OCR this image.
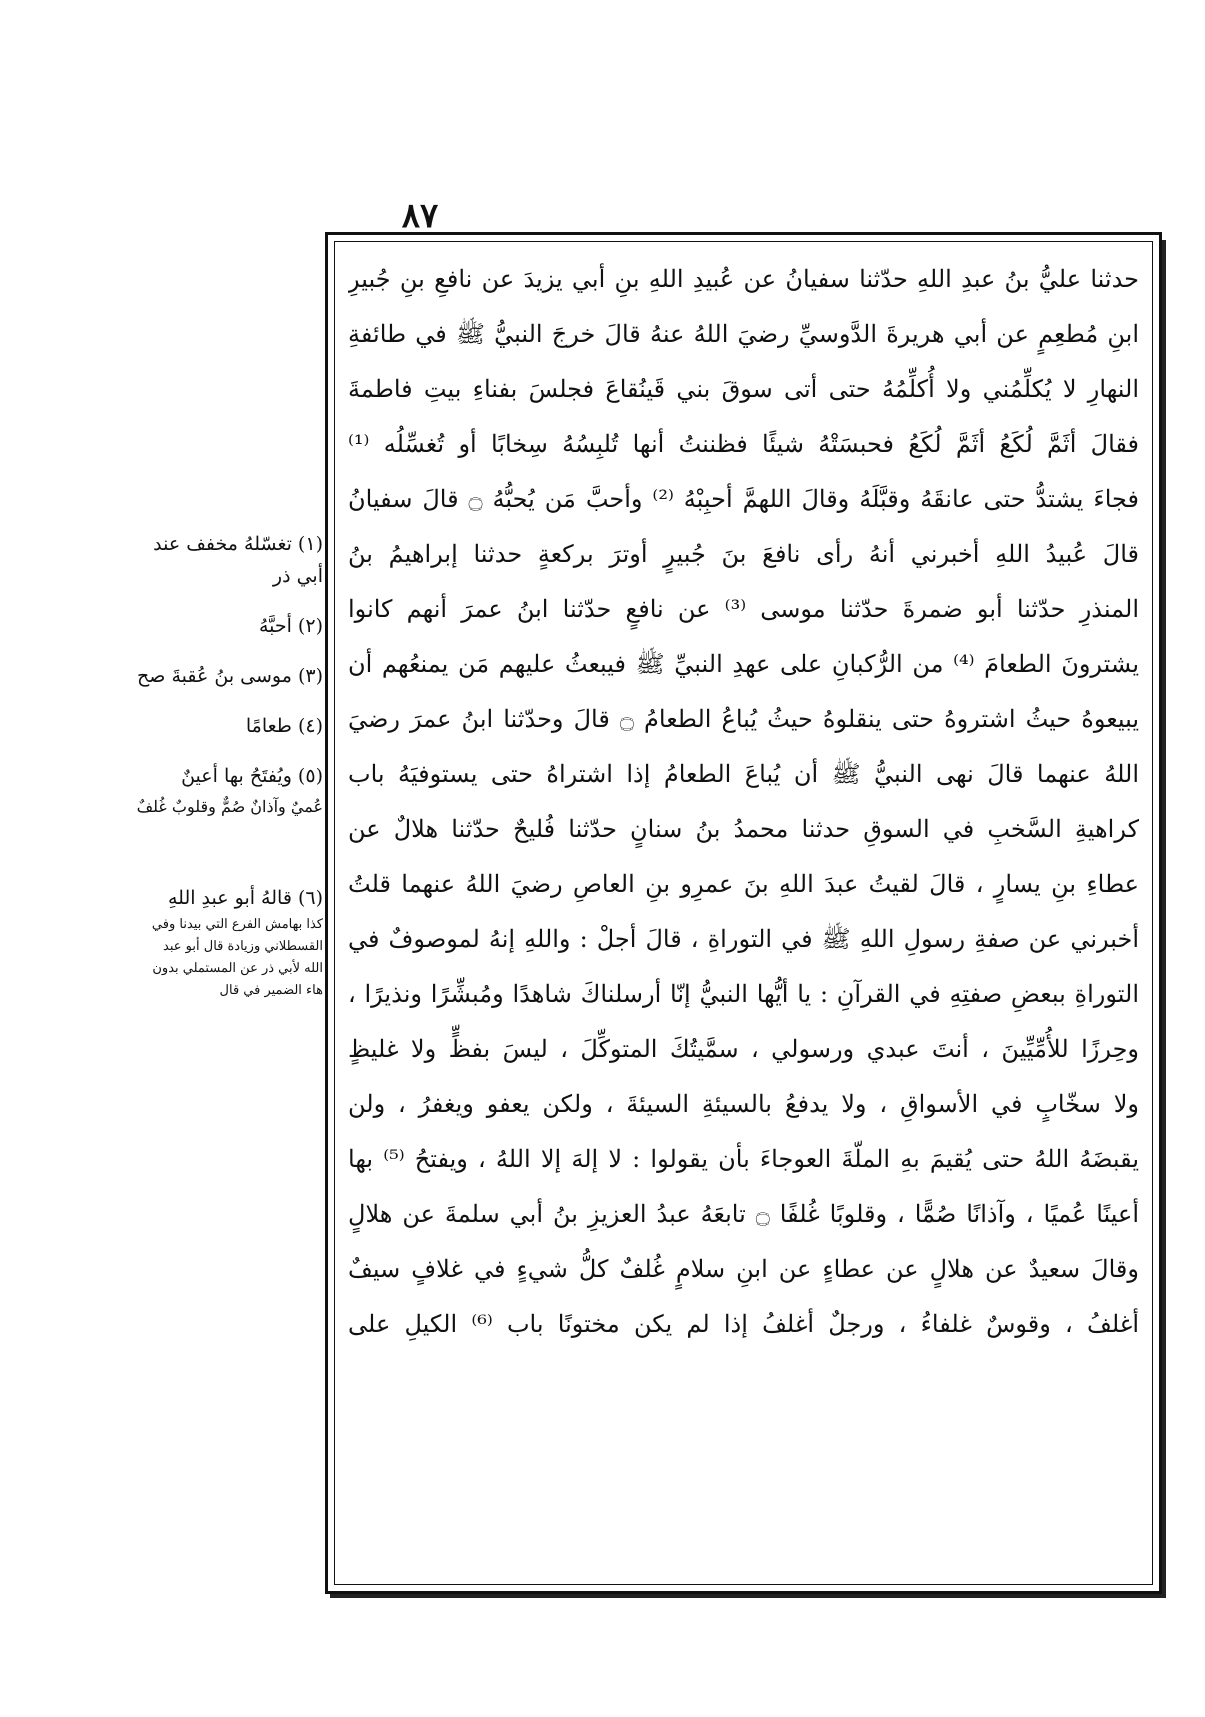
٨٧
حدثنا عليُّ بنُ عبدِ اللهِ حدّثنا سفيانُ عن عُبيدِ اللهِ بنِ أبي يزيدَ عن نافعِ بنِ جُبيرِ
ابنِ مُطعِمٍ عن أبي هريرةَ الدَّوسيِّ رضيَ اللهُ عنهُ قالَ خرجَ النبيُّ ﷺ في طائفةِ
النهارِ لا يُكلِّمُني ولا أُكلِّمُهُ حتى أتى سوقَ بني قَينُقاعَ فجلسَ بفناءِ بيتِ فاطمةَ
فقالَ أثَمَّ لُكَعُ أثَمَّ لُكَعُ فحبسَتْهُ شيئًا فظننتُ أنها تُلبِسُهُ سِخابًا أو تُغسِّلُه ⁽¹⁾
فجاءَ يشتدُّ حتى عانقَهُ وقبَّلَهُ وقالَ اللهمَّ أحبِبْهُ ⁽²⁾ وأحبَّ مَن يُحبُّهُ ۝ قالَ سفيانُ
قالَ عُبيدُ اللهِ أخبرني أنهُ رأى نافعَ بنَ جُبيرٍ أوترَ بركعةٍ حدثنا إبراهيمُ بنُ
المنذرِ حدّثنا أبو ضمرةَ حدّثنا موسى ⁽³⁾ عن نافعٍ حدّثنا ابنُ عمرَ أنهم كانوا
يشترونَ الطعامَ ⁽⁴⁾ من الرُّكبانِ على عهدِ النبيِّ ﷺ فيبعثُ عليهم مَن يمنعُهم أن
يبيعوهُ حيثُ اشتروهُ حتى ينقلوهُ حيثُ يُباعُ الطعامُ ۝ قالَ وحدّثنا ابنُ عمرَ رضيَ
اللهُ عنهما قالَ نهى النبيُّ ﷺ أن يُباعَ الطعامُ إذا اشتراهُ حتى يستوفيَهُ باب
كراهيةِ السَّخبِ في السوقِ حدثنا محمدُ بنُ سنانٍ حدّثنا فُليحٌ حدّثنا هلالٌ عن
عطاءِ بنِ يسارٍ ، قالَ لقيتُ عبدَ اللهِ بنَ عمرِو بنِ العاصِ رضيَ اللهُ عنهما قلتُ
أخبرني عن صفةِ رسولِ اللهِ ﷺ في التوراةِ ، قالَ أجلْ : واللهِ إنهُ لموصوفٌ في
التوراةِ ببعضِ صفتِهِ في القرآنِ : يا أيُّها النبيُّ إنّا أرسلناكَ شاهدًا ومُبشِّرًا ونذيرًا ،
وحِرزًا للأُمِّيِّينَ ، أنتَ عبدي ورسولي ، سمَّيتُكَ المتوكِّلَ ، ليسَ بفظٍّ ولا غليظٍ
ولا سخّابٍ في الأسواقِ ، ولا يدفعُ بالسيئةِ السيئةَ ، ولكن يعفو ويغفرُ ، ولن
يقبضَهُ اللهُ حتى يُقيمَ بهِ الملّةَ العوجاءَ بأن يقولوا : لا إلهَ إلا اللهُ ، ويفتحُ ⁽⁵⁾ بها
أعينًا عُميًا ، وآذانًا صُمًّا ، وقلوبًا غُلفًا ۝ تابعَهُ عبدُ العزيزِ بنُ أبي سلمةَ عن هلالٍ
وقالَ سعيدٌ عن هلالٍ عن عطاءٍ عن ابنِ سلامٍ غُلفٌ كلُّ شيءٍ في غلافٍ سيفٌ
أغلفُ ، وقوسٌ غلفاءُ ، ورجلٌ أغلفُ إذا لم يكن مختونًا باب ⁽⁶⁾ الكيلِ على
(١) تغسّلهُ مخفف عند
أبي ذر
(٢) أحبَّهُ
(٣) موسى بنُ عُقبةَ صح
(٤) طعامًا
(٥) ويُفتَحُ بها أعينٌ
عُميٌ وآذانٌ صُمٌّ وقلوبٌ غُلفٌ
(٦) قالهُ أبو عبدِ اللهِ
كذا بهامش الفرع التي بيدنا وفي القسطلاني وزيادة قال أبو عبد الله لأبي ذر عن المستملي بدون هاء الضمير في قال
